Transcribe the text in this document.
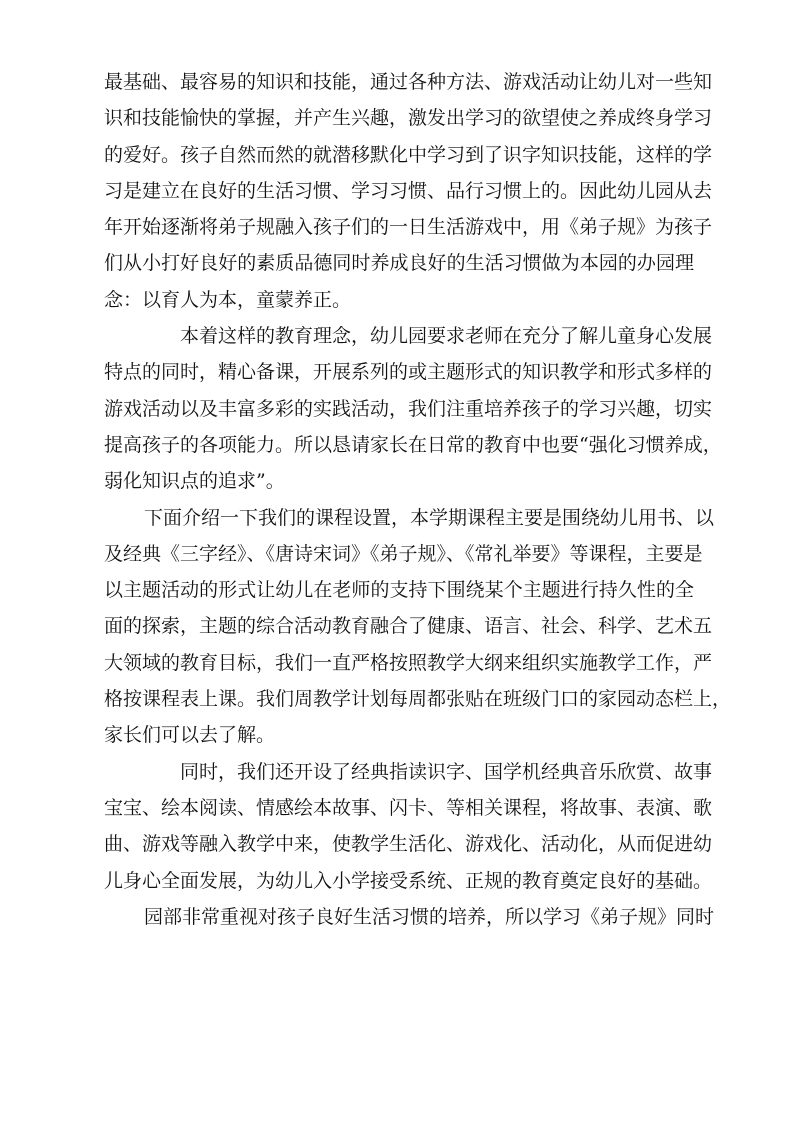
最基础、最容易的知识和技能，通过各种方法、游戏活动让幼儿对一些知
识和技能愉快的掌握，并产生兴趣，激发出学习的欲望使之养成终身学习
的爱好。孩子自然而然的就潜移默化中学习到了识字知识技能，这样的学
习是建立在良好的生活习惯、学习习惯、品行习惯上的。因此幼儿园从去
年开始逐渐将弟子规融入孩子们的一日生活游戏中，用《弟子规》为孩子
们从小打好良好的素质品德同时养成良好的生活习惯做为本园的办园理
念：以育人为本，童蒙养正。

本着这样的教育理念，幼儿园要求老师在充分了解儿童身心发展
特点的同时，精心备课，开展系列的或主题形式的知识教学和形式多样的
游戏活动以及丰富多彩的实践活动，我们注重培养孩子的学习兴趣，切实
提高孩子的各项能力。所以恳请家长在日常的教育中也要“强化习惯养成，
弱化知识点的追求”。

下面介绍一下我们的课程设置，本学期课程主要是围绕幼儿用书、以
及经典《三字经》、《唐诗宋词》《弟子规》、《常礼举要》等课程，主要是
以主题活动的形式让幼儿在老师的支持下围绕某个主题进行持久性的全
面的探索，主题的综合活动教育融合了健康、语言、社会、科学、艺术五
大领域的教育目标，我们一直严格按照教学大纲来组织实施教学工作，严
格按课程表上课。我们周教学计划每周都张贴在班级门口的家园动态栏上，
家长们可以去了解。

同时，我们还开设了经典指读识字、国学机经典音乐欣赏、故事
宝宝、绘本阅读、情感绘本故事、闪卡、等相关课程，将故事、表演、歌
曲、游戏等融入教学中来，使教学生活化、游戏化、活动化，从而促进幼
儿身心全面发展，为幼儿入小学接受系统、正规的教育奠定良好的基础。

园部非常重视对孩子良好生活习惯的培养，所以学习《弟子规》同时
